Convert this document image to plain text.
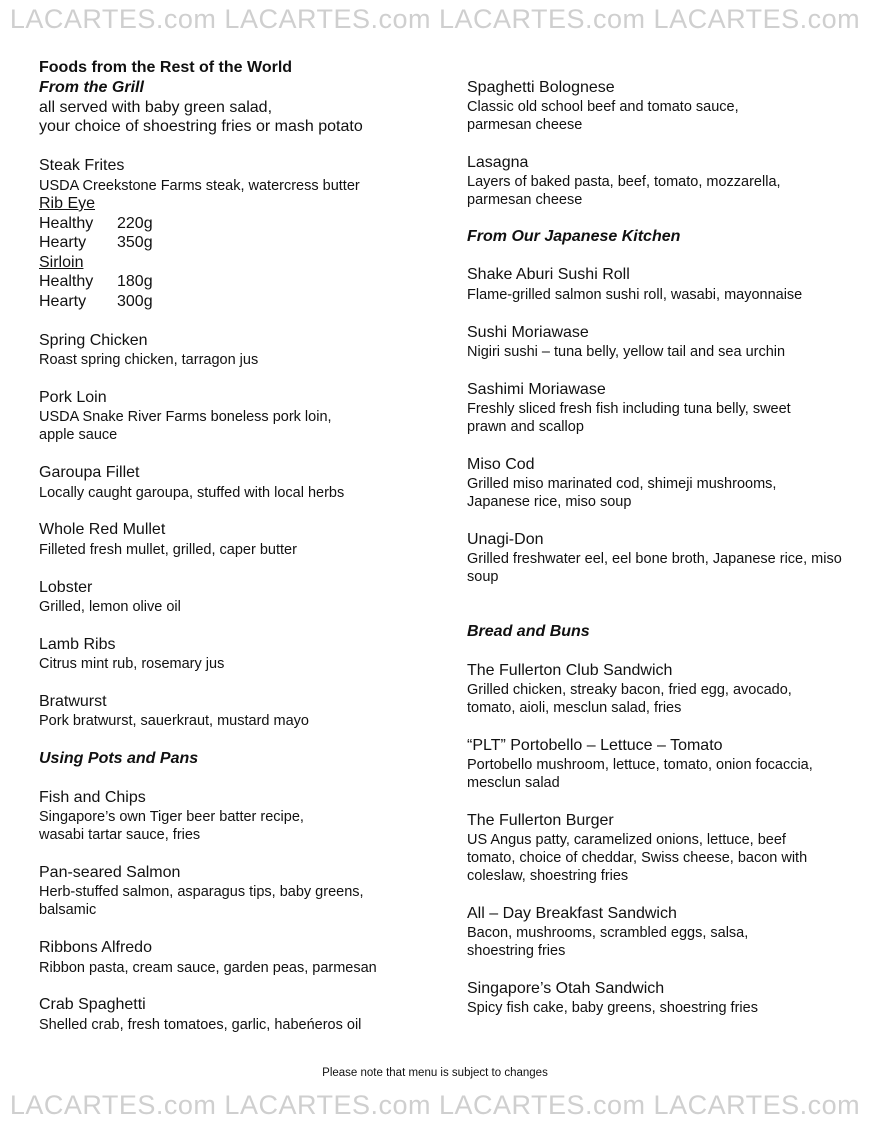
LACARTES.com LACARTES.com LACARTES.com LACARTES.com
Foods from the Rest of the World
From the Grill
all served with baby green salad,
your choice of shoestring fries or mash potato
Steak Frites
USDA Creekstone Farms steak, watercress butter
Rib Eye
Healthy 220g
Hearty 350g
Sirloin
Healthy 180g
Hearty 300g
Spring Chicken
Roast spring chicken, tarragon jus
Pork Loin
USDA Snake River Farms boneless pork loin, apple sauce
Garoupa Fillet
Locally caught garoupa, stuffed with local herbs
Whole Red Mullet
Filleted fresh mullet, grilled, caper butter
Lobster
Grilled, lemon olive oil
Lamb Ribs
Citrus mint rub, rosemary jus
Bratwurst
Pork bratwurst, sauerkraut, mustard mayo
Using Pots and Pans
Fish and Chips
Singapore’s own Tiger beer batter recipe, wasabi tartar sauce, fries
Pan-seared Salmon
Herb-stuffed salmon, asparagus tips, baby greens, balsamic
Ribbons Alfredo
Ribbon pasta, cream sauce, garden peas, parmesan
Crab Spaghetti
Shelled crab, fresh tomatoes, garlic, habeńeros oil
Spaghetti Bolognese
Classic old school beef and tomato sauce, parmesan cheese
Lasagna
Layers of baked pasta, beef, tomato, mozzarella, parmesan cheese
From Our Japanese Kitchen
Shake Aburi Sushi Roll
Flame-grilled salmon sushi roll, wasabi, mayonnaise
Sushi Moriawase
Nigiri sushi – tuna belly, yellow tail and sea urchin
Sashimi Moriawase
Freshly sliced fresh fish including tuna belly, sweet prawn and scallop
Miso Cod
Grilled miso marinated cod, shimeji mushrooms, Japanese rice, miso soup
Unagi-Don
Grilled freshwater eel, eel bone broth, Japanese rice, miso soup
Bread and Buns
The Fullerton Club Sandwich
Grilled chicken, streaky bacon, fried egg, avocado, tomato, aioli, mesclun salad, fries
“PLT” Portobello – Lettuce – Tomato
Portobello mushroom, lettuce, tomato, onion focaccia, mesclun salad
The Fullerton Burger
US Angus patty, caramelized onions, lettuce, beef tomato, choice of cheddar, Swiss cheese, bacon with coleslaw, shoestring fries
All – Day Breakfast Sandwich
Bacon, mushrooms, scrambled eggs, salsa, shoestring fries
Singapore’s Otah Sandwich
Spicy fish cake, baby greens, shoestring fries
Please note that menu is subject to changes
LACARTES.com LACARTES.com LACARTES.com LACARTES.com
